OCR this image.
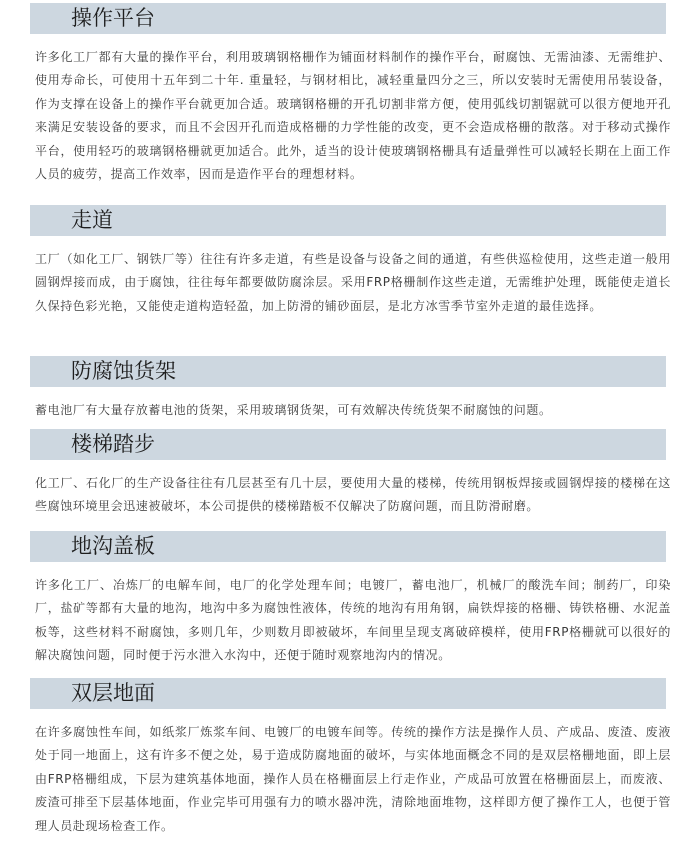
操作平台

许多化工厂都有大量的操作平台，利用玻璃钢格栅作为铺面材料制作的操作平台，耐腐蚀、无需油漆、无需维护、使用寿命长，可使用十五年到二十年. 重量轻，与钢材相比，减轻重量四分之三，所以安装时无需使用吊装设备，作为支撑在设备上的操作平台就更加合适。玻璃钢格栅的开孔切割非常方便，使用弧线切割锯就可以很方便地开孔来满足安装设备的要求，而且不会因开孔而造成格栅的力学性能的改变，更不会造成格栅的散落。对于移动式操作平台，使用轻巧的玻璃钢格栅就更加适合。此外，适当的设计使玻璃钢格栅具有适量弹性可以减轻长期在上面工作人员的疲劳，提高工作效率，因而是造作平台的理想材料。

走道

工厂（如化工厂、钢铁厂等）往往有许多走道，有些是设备与设备之间的通道，有些供巡检使用，这些走道一般用圆钢焊接而成，由于腐蚀，往往每年都要做防腐涂层。采用FRP格栅制作这些走道，无需维护处理，既能使走道长久保持色彩光艳，又能使走道构造轻盈，加上防滑的铺砂面层，是北方冰雪季节室外走道的最佳选择。

防腐蚀货架

蓄电池厂有大量存放蓄电池的货架，采用玻璃钢货架，可有效解决传统货架不耐腐蚀的问题。

楼梯踏步

化工厂、石化厂的生产设备往往有几层甚至有几十层，要使用大量的楼梯，传统用钢板焊接或圆钢焊接的楼梯在这些腐蚀环境里会迅速被破坏，本公司提供的楼梯踏板不仅解决了防腐问题，而且防滑耐磨。

地沟盖板

许多化工厂、冶炼厂的电解车间，电厂的化学处理车间；电镀厂，蓄电池厂，机械厂的酸洗车间；制药厂，印染厂，盐矿等都有大量的地沟，地沟中多为腐蚀性液体，传统的地沟有用角钢，扁铁焊接的格栅、铸铁格栅、水泥盖板等，这些材料不耐腐蚀，多则几年，少则数月即被破坏，车间里呈现支离破碎模样，使用FRP格栅就可以很好的解决腐蚀问题，同时便于污水泄入水沟中，还便于随时观察地沟内的情况。

双层地面

在许多腐蚀性车间，如纸浆厂炼浆车间、电镀厂的电镀车间等。传统的操作方法是操作人员、产成品、废渣、废液处于同一地面上，这有许多不便之处，易于造成防腐地面的破坏，与实体地面概念不同的是双层格栅地面，即上层由FRP格栅组成，下层为建筑基体地面，操作人员在格栅面层上行走作业，产成品可放置在格栅面层上，而废液、废渣可排至下层基体地面，作业完毕可用强有力的喷水器冲洗，清除地面堆物，这样即方便了操作工人，也便于管理人员赴现场检查工作。
